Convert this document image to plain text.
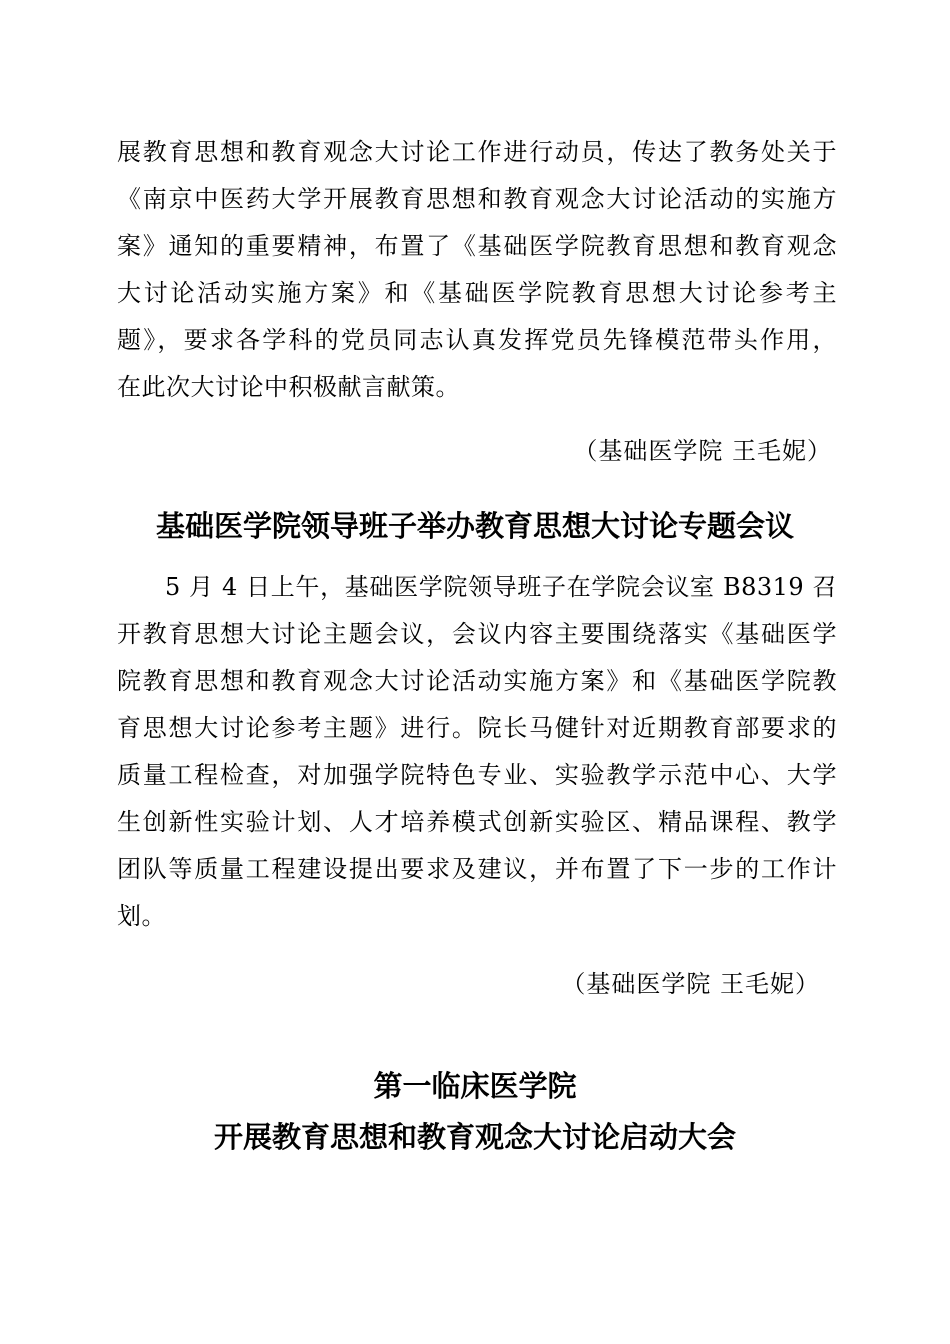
展教育思想和教育观念大讨论工作进行动员，传达了教务处关于
《南京中医药大学开展教育思想和教育观念大讨论活动的实施方
案》通知的重要精神，布置了《基础医学院教育思想和教育观念
大讨论活动实施方案》和《基础医学院教育思想大讨论参考主
题》，要求各学科的党员同志认真发挥党员先锋模范带头作用，
在此次大讨论中积极献言献策。
（基础医学院 王毛妮）
基础医学院领导班子举办教育思想大讨论专题会议
5 月 4 日上午，基础医学院领导班子在学院会议室 B8319 召
开教育思想大讨论主题会议，会议内容主要围绕落实《基础医学
院教育思想和教育观念大讨论活动实施方案》和《基础医学院教
育思想大讨论参考主题》进行。院长马健针对近期教育部要求的
质量工程检查，对加强学院特色专业、实验教学示范中心、大学
生创新性实验计划、人才培养模式创新实验区、精品课程、教学
团队等质量工程建设提出要求及建议，并布置了下一步的工作计
划。
（基础医学院 王毛妮）
第一临床医学院
开展教育思想和教育观念大讨论启动大会
